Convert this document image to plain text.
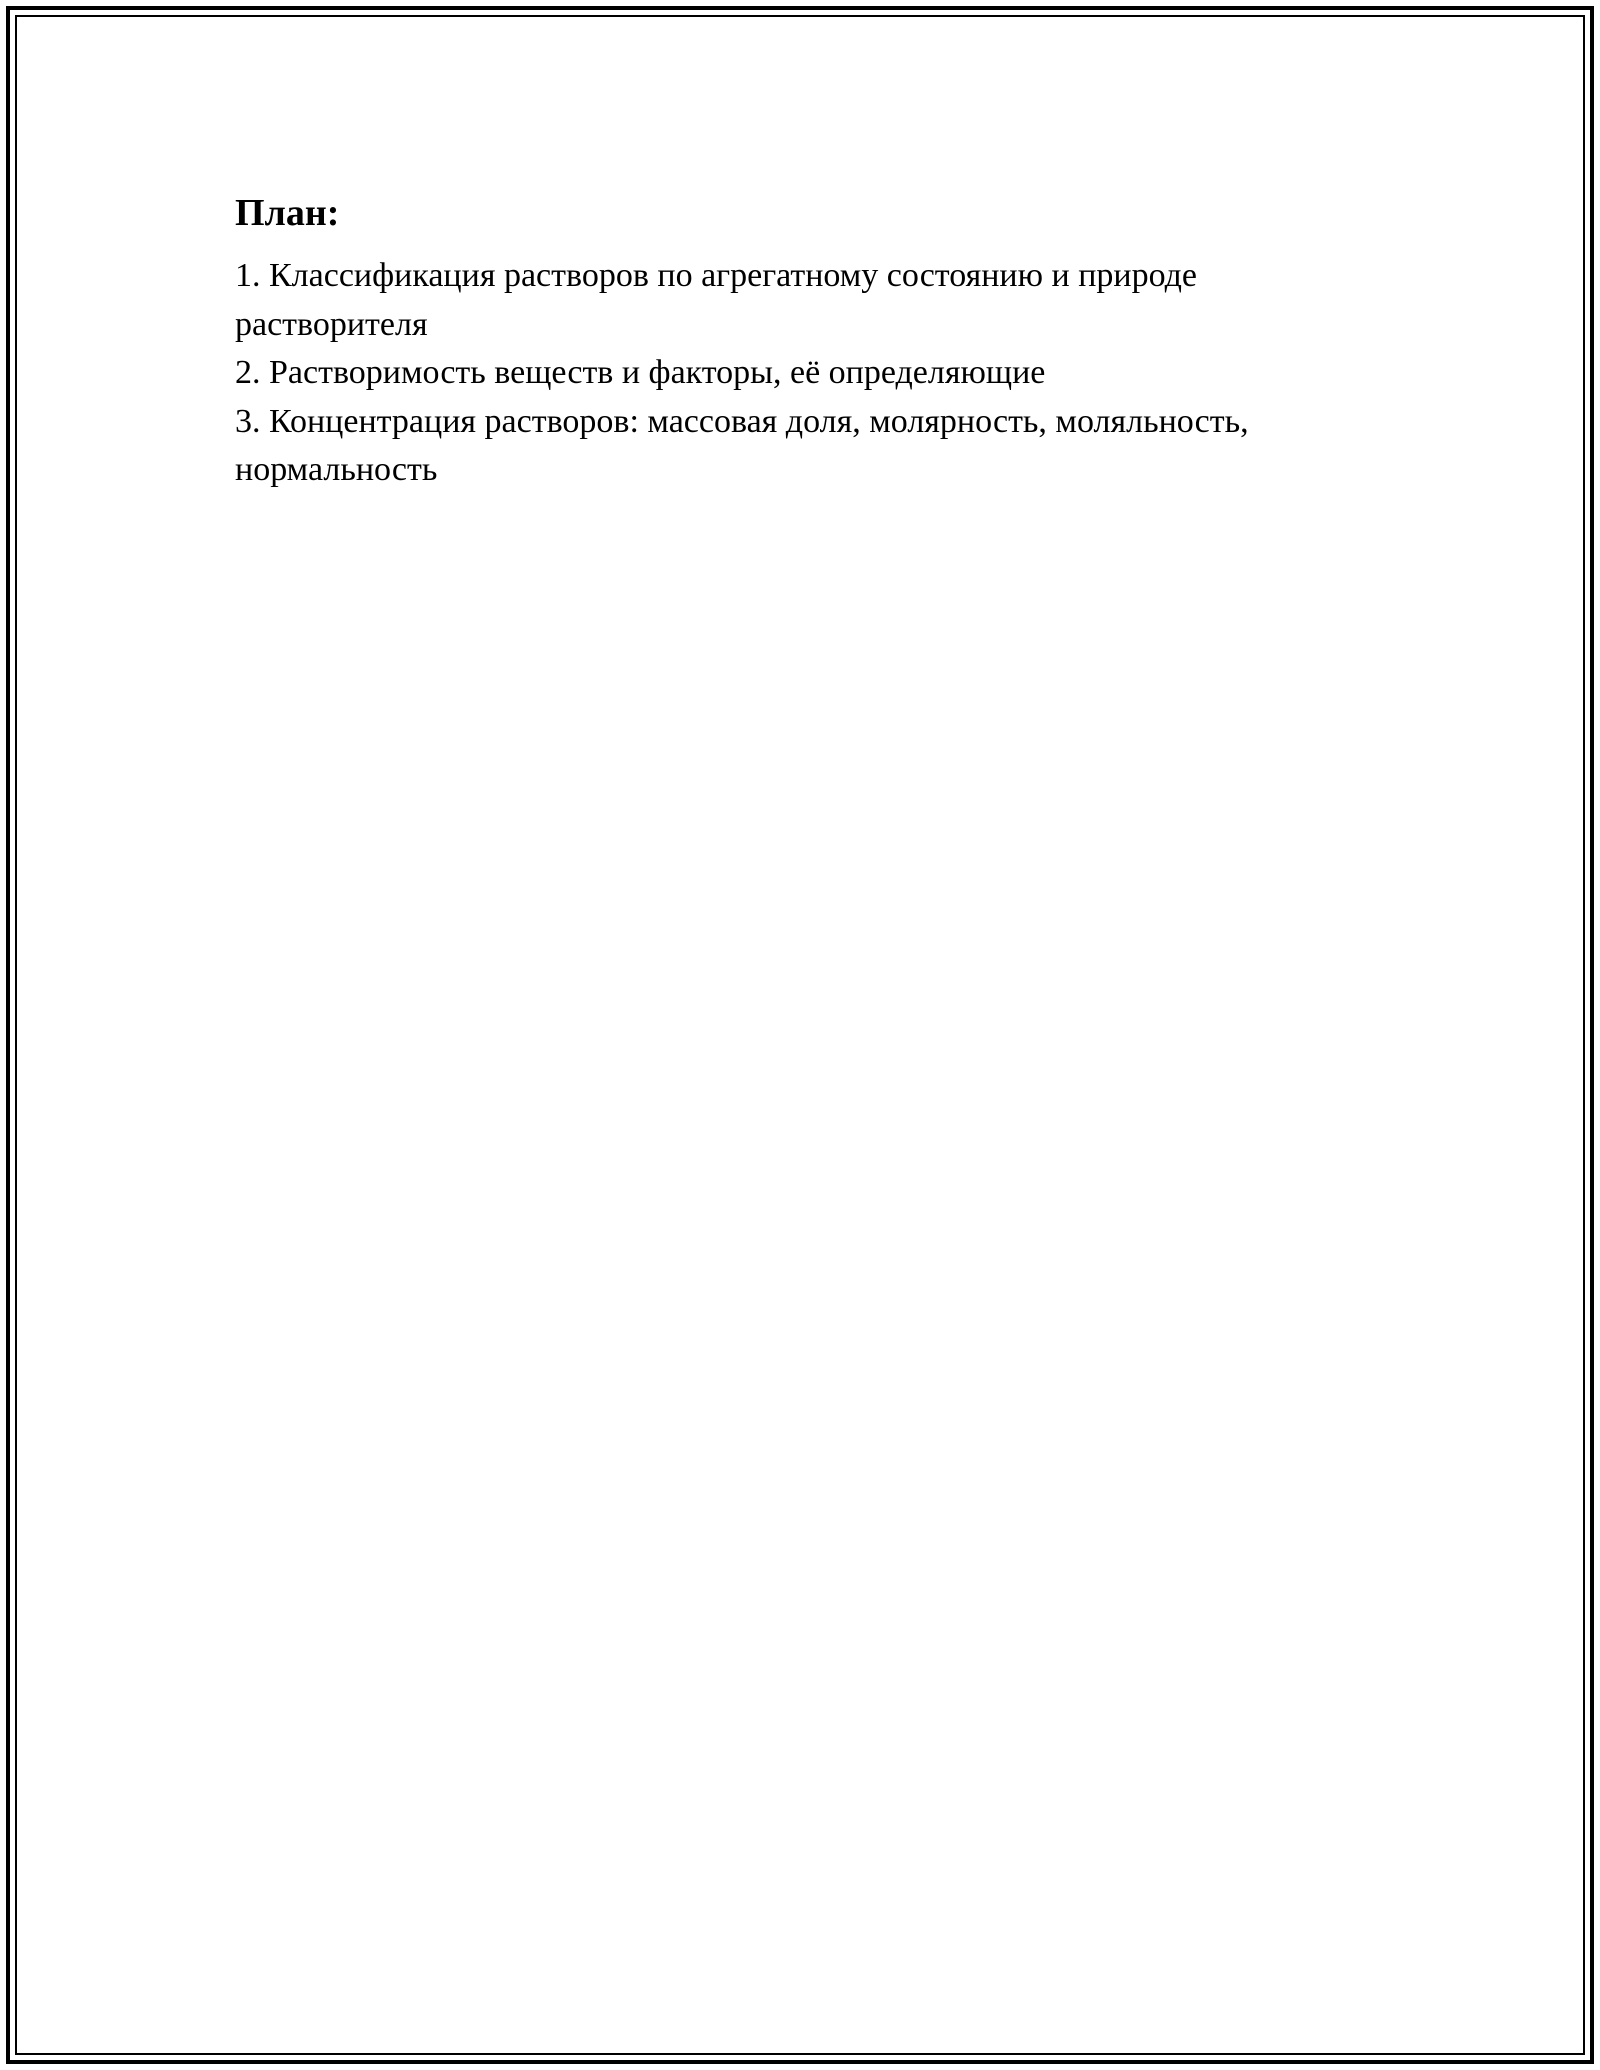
План:
1. Классификация растворов по агрегатному состоянию и природе растворителя
2. Растворимость веществ и факторы, её определяющие
3. Концентрация растворов: массовая доля, молярность, моляльность, нормальность
